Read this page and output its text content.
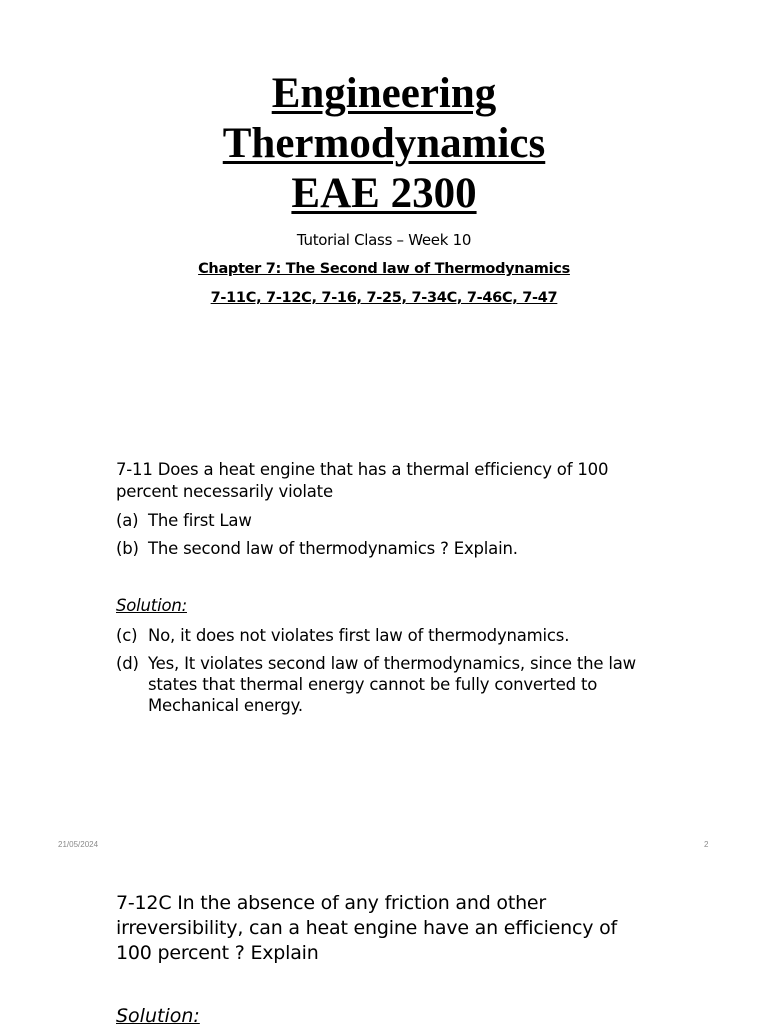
Engineering
Thermodynamics
EAE 2300
Tutorial Class – Week 10
Chapter 7: The Second law of Thermodynamics
7-11C, 7-12C, 7-16, 7-25, 7-34C, 7-46C, 7-47
7-11 Does a heat engine that has a thermal efficiency of 100
percent necessarily violate
(a) The first Law
(b) The second law of thermodynamics ? Explain.
Solution:
(c) No, it does not violates first law of thermodynamics.
(d) Yes, It violates second law of thermodynamics, since the law states that thermal energy cannot be fully converted to Mechanical energy.
21/05/2024	2
7-12C In the absence of any friction and other irreversibility, can a heat engine have an efficiency of 100 percent ? Explain
Solution:
